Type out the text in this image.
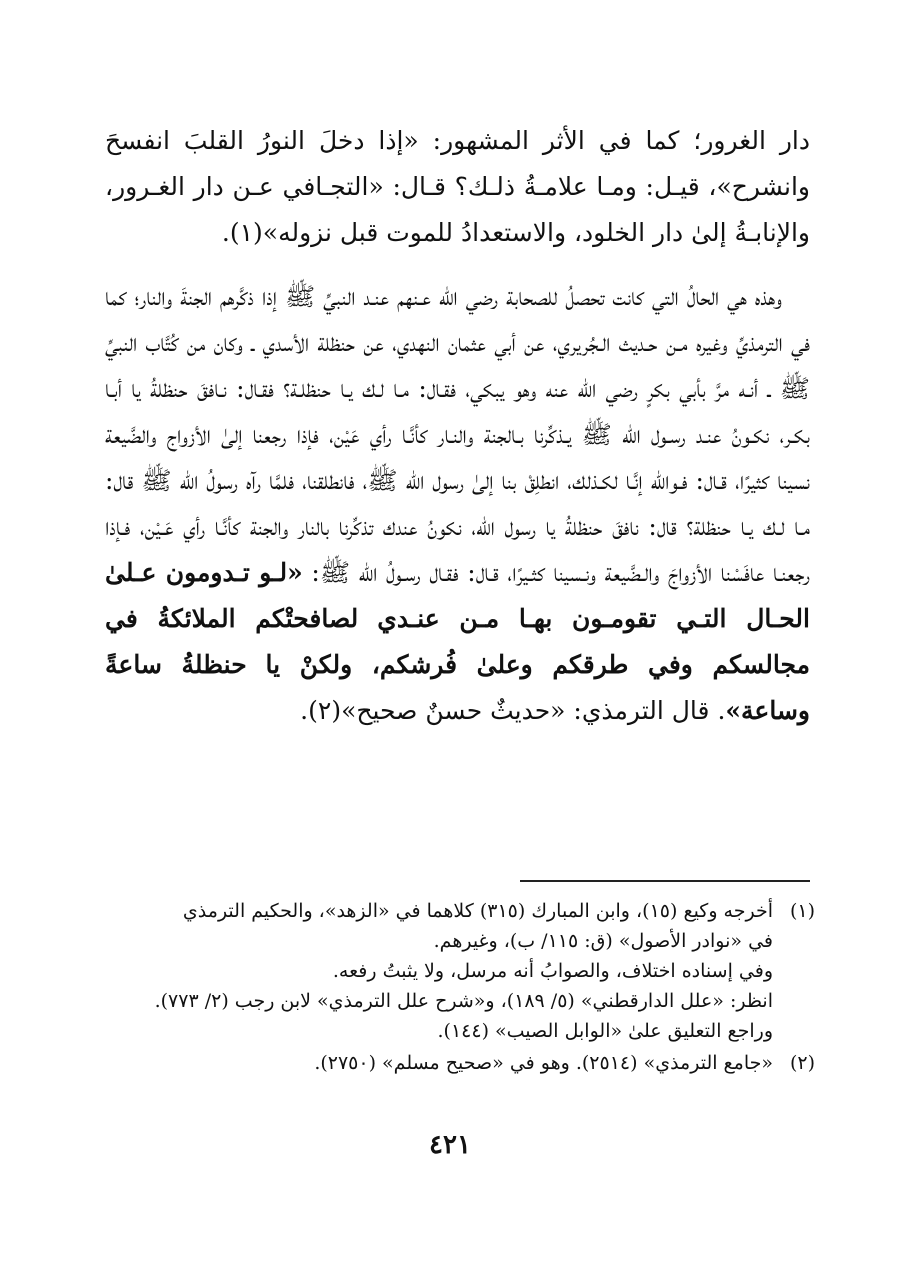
دار الغرور؛ كما في الأثر المشهور: «إذا دخلَ النورُ القلبَ انفسحَ وانشرح»، قيـل: ومـا علامـةُ ذلـك؟ قـال: «التجـافي عـن دار الغـرور، والإنابـةُ إلىٰ دار الخلود، والاستعدادُ للموت قبل نزوله»(١).

وهذه هي الحالُ التي كانت تحصلُ للصحابة رضي الله عـنهم عنـد النبيِّ ﷺ إذا ذكَّرهم الجنةَ والنار؛ كما في الترمذيِّ وغيره مـن حـديث الـجُريري، عن أبي عثمان النهدي، عن حنظلة الأسدي ـ وكان من كُتَّاب النبيِّ ﷺ ـ أنـه مرَّ بأبي بكرٍ رضي الله عنه وهو يبكي، فقـال: مـا لـك يـا حنظلـة؟ فقـال: نـافقَ حنظلةُ يا أبـا بكـر، نكـونُ عنـد رسـول الله ﷺ يـذكِّرنا بـالجنة والنـار كأنَّـا رأي عَيْن، فإذا رجعنا إلىٰ الأزواج والضَّيعة نسينا كثيرًا، قـال: فـوالله إنَّـا لكـذلك، انطلِقْ بنا إلىٰ رسول الله ﷺ، فانطلقنا، فلمَّا رآه رسولُ الله ﷺ قال: مـا لـك يـا حنظلة؟ قال: نافقَ حنظلةُ يا رسول الله، نكونُ عندك تذكِّرنا بالنار والجنة كأنَّـا رأي عَـيْن، فـإذا رجعنـا عافَسْنا الأزواجَ والـضَّيعة ونـسينا كثـيرًا، قـال: فقـال رسـولُ الله ﷺ: «لـو تـدومون عـلىٰ الحـال التـي تقومـون بهـا مـن عنـدي لصافحتْكم الملائكةُ في مجالسكم وفي طرقكم وعلىٰ فُرشكم، ولكنْ يا حنظلةُ ساعةً وساعة». قال الترمذي: «حديثٌ حسنٌ صحيح»(٢).

(١)
أخرجه وكيع (١٥)، وابن المبارك (٣١٥) كلاهما في «الزهد»، والحكيم الترمذي
في «نوادر الأصول» (ق: ١١٥/ ب)، وغيرهم.
وفي إسناده اختلاف، والصوابُ أنه مرسل، ولا يثبتُ رفعه.
انظر: «علل الدارقطني» (٥/ ١٨٩)، و«شرح علل الترمذي» لابن رجب (٢/ ٧٧٣).
وراجع التعليق علىٰ «الوابل الصيب» (١٤٤).
(٢)
«جامع الترمذي» (٢٥١٤). وهو في «صحيح مسلم» (٢٧٥٠).
٤٢١
